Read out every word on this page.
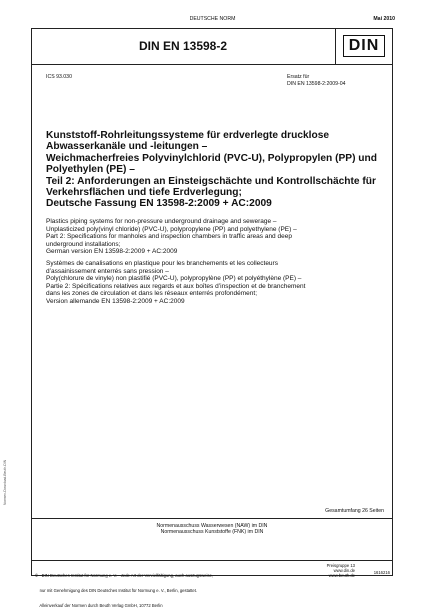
DEUTSCHE NORM	Mai 2010
DIN EN 13598-2	DIN
ICS 93.030	Ersatz für
DIN EN 13598-2:2009-04
Kunststoff-Rohrleitungssysteme für erdverlegte drucklose
Abwasserkanäle und -leitungen –
Weichmacherfreies Polyvinylchlorid (PVC-U), Polypropylen (PP) und
Polyethylen (PE) –
Teil 2: Anforderungen an Einsteigschächte und Kontrollschächte für
Verkehrsflächen und tiefe Erdverlegung;
Deutsche Fassung EN 13598-2:2009 + AC:2009
Plastics piping systems for non-pressure underground drainage and sewerage –
Unplasticized poly(vinyl chloride) (PVC-U), polypropylene (PP) and polyethylene (PE) –
Part 2: Specifications for manholes and inspection chambers in traffic areas and deep
underground installations;
German version EN 13598-2:2009 + AC:2009
Systèmes de canalisations en plastique pour les branchements et les collecteurs
d’assainissement enterrés sans pression –
Poly(chlorure de vinyle) non plastifié (PVC-U), polypropylène (PP) et polyéthylène (PE) –
Partie 2: Spécifications relatives aux regards et aux boîtes d’inspection et de branchement
dans les zones de circulation et dans les réseaux enterrés profondément;
Version allemande EN 13598-2:2009 + AC:2009
Gesamtumfang 26 Seiten
Normenausschuss Wasserwesen (NAW) im DIN
Normenausschuss Kunststoffe (FNK) im DIN

©   DIN Deutsches Institut für Normung e. V. · Jede Art der Vervielfältigung, auch auszugsweise,

nur mit Genehmigung des DIN Deutsches Institut für Normung e. V., Berlin, gestattet.

Alleinverkauf der Normen durch Beuth Verlag GmbH, 10772 Berlin

Preisgruppe 13
www.din.de
www.beuth.de
1616216
Normen-Download-Beuth-DIN
